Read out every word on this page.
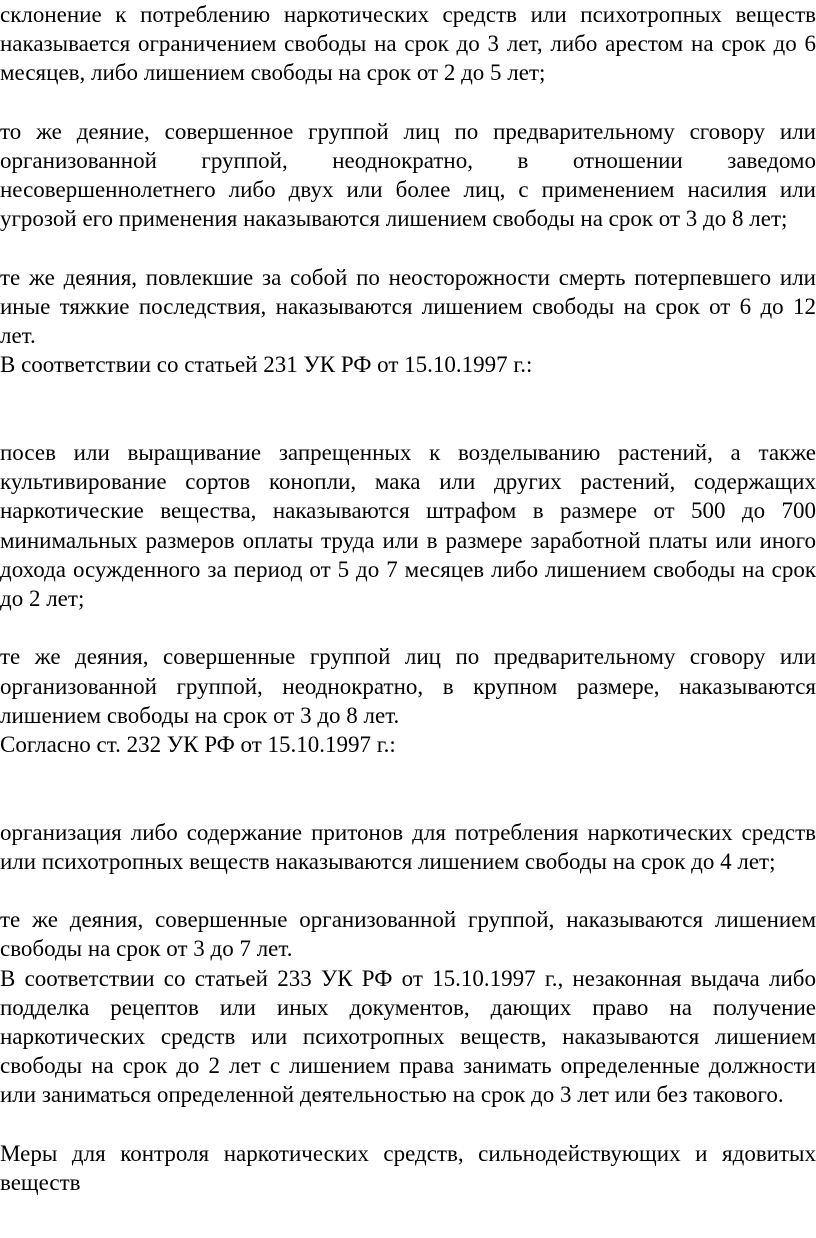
склонение к потреблению наркотических средств или психотропных веществ наказывается ограничением свободы на срок до 3 лет, либо арестом на срок до 6 месяцев, либо лишением свободы на срок от 2 до 5 лет;

то же деяние, совершенное группой лиц по предварительному сговору или организованной группой, неоднократно, в отношении заведомо несовершеннолетнего либо двух или более лиц, с применением насилия или угрозой его применения наказываются лишением свободы на срок от 3 до 8 лет;

те же деяния, повлекшие за собой по неосторожности смерть потерпевшего или иные тяжкие последствия, наказываются лишением свободы на срок от 6 до 12 лет.

В соответствии со статьей 231 УК РФ от 15.10.1997 г.:

посев или выращивание запрещенных к возделыванию растений, а также культивирование сортов конопли, мака или других растений, содержащих наркотические вещества, наказываются штрафом в размере от 500 до 700 минимальных размеров оплаты труда или в размере заработной платы или иного дохода осужденного за период от 5 до 7 месяцев либо лишением свободы на срок до 2 лет;

те же деяния, совершенные группой лиц по предварительному сговору или организованной группой, неоднократно, в крупном размере, наказываются лишением свободы на срок от 3 до 8 лет.

Согласно ст. 232 УК РФ от 15.10.1997 г.:

организация либо содержание притонов для потребления наркотических средств или психотропных веществ наказываются лишением свободы на срок до 4 лет;

те же деяния, совершенные организованной группой, наказываются лишением свободы на срок от 3 до 7 лет.

В соответствии со статьей 233 УК РФ от 15.10.1997 г., незаконная выдача либо подделка рецептов или иных документов, дающих право на получение наркотических средств или психотропных веществ, наказываются лишением свободы на срок до 2 лет с лишением права занимать определенные должности или заниматься определенной деятельностью на срок до 3 лет или без такового.

Меры для контроля наркотических средств, сильнодействующих и ядовитых веществ
